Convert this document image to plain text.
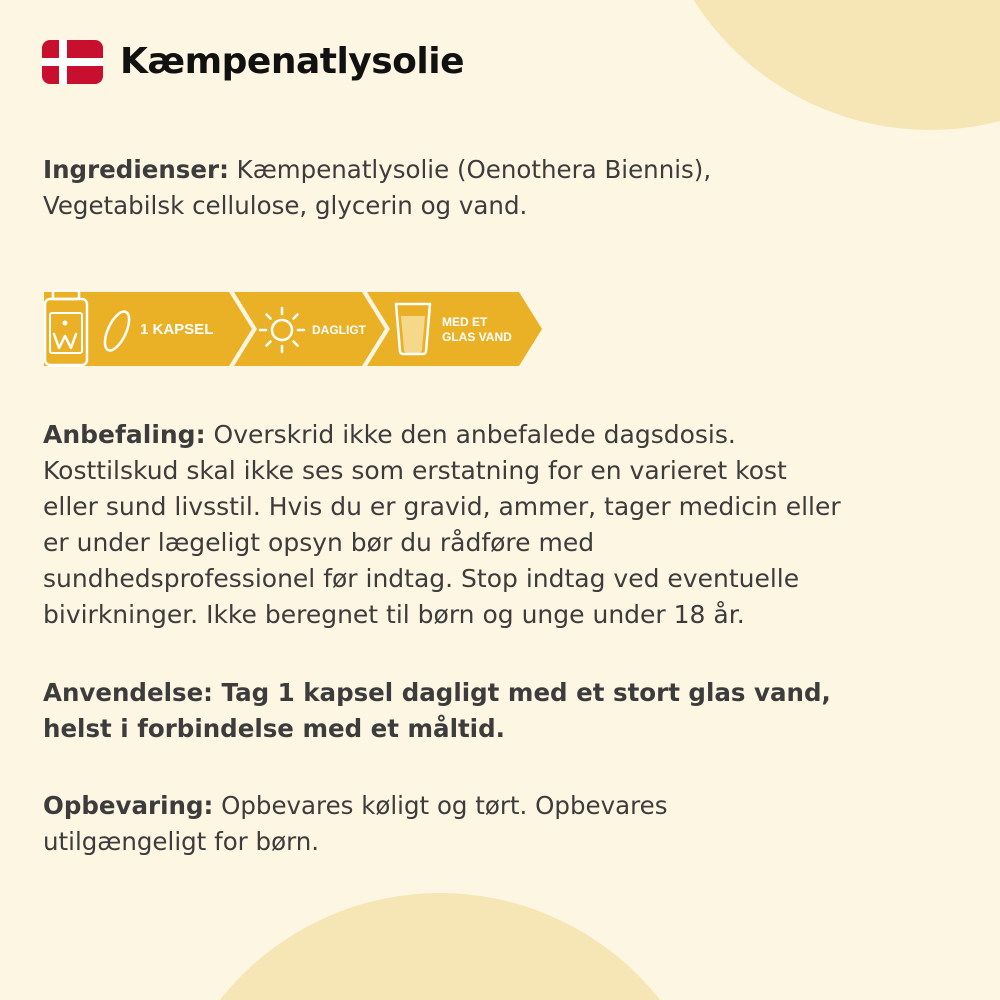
Kæmpenatlysolie
Ingredienser: Kæmpenatlysolie (Oenothera Biennis),
Vegetabilsk cellulose, glycerin og vand.
1 KAPSEL	DAGLIGT
MED ET
GLAS VAND
Anbefaling: Overskrid ikke den anbefalede dagsdosis.
Kosttilskud skal ikke ses som erstatning for en varieret kost
eller sund livsstil. Hvis du er gravid, ammer, tager medicin eller
er under lægeligt opsyn bør du rådføre med
sundhedsprofessionel før indtag. Stop indtag ved eventuelle
bivirkninger. Ikke beregnet til børn og unge under 18 år.
Anvendelse: Tag 1 kapsel dagligt med et stort glas vand,
helst i forbindelse med et måltid.
Opbevaring: Opbevares køligt og tørt. Opbevares
utilgængeligt for børn.
